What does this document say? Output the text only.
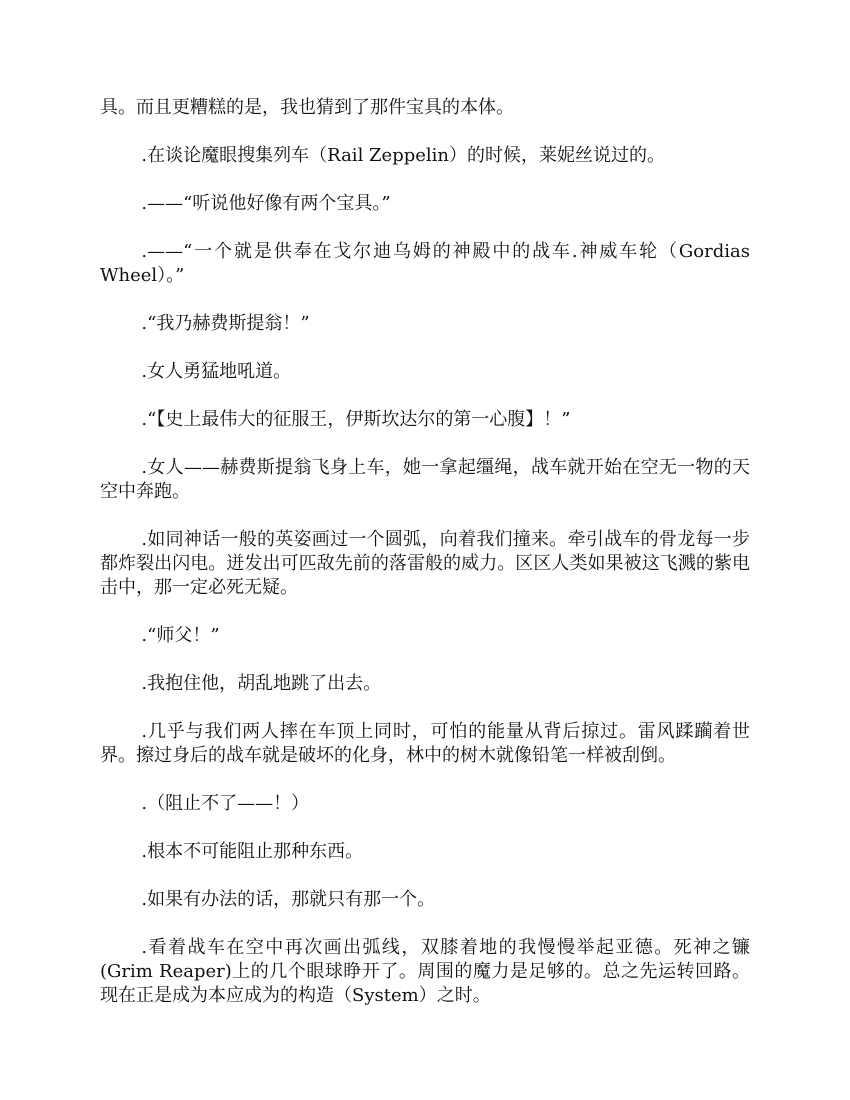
具。而且更糟糕的是，我也猜到了那件宝具的本体。

.在谈论魔眼搜集列车（Rail Zeppelin）的时候，莱妮丝说过的。

.——“听说他好像有两个宝具。”

.——“一个就是供奉在戈尔迪乌姆的神殿中的战车.神威车轮（Gordias Wheel）。”

.“我乃赫费斯提翁！”

.女人勇猛地吼道。

.“【史上最伟大的征服王，伊斯坎达尔的第一心腹】！”

.女人——赫费斯提翁飞身上车，她一拿起缰绳，战车就开始在空无一物的天空中奔跑。

.如同神话一般的英姿画过一个圆弧，向着我们撞来。牵引战车的骨龙每一步都炸裂出闪电。迸发出可匹敌先前的落雷般的威力。区区人类如果被这飞溅的紫电击中，那一定必死无疑。

.“师父！”

.我抱住他，胡乱地跳了出去。

.几乎与我们两人摔在车顶上同时，可怕的能量从背后掠过。雷风蹂躏着世界。擦过身后的战车就是破坏的化身，林中的树木就像铅笔一样被刮倒。

.（阻止不了——！）

.根本不可能阻止那种东西。

.如果有办法的话，那就只有那一个。

.看着战车在空中再次画出弧线，双膝着地的我慢慢举起亚德。死神之镰(Grim Reaper)上的几个眼球睁开了。周围的魔力是足够的。总之先运转回路。现在正是成为本应成为的构造（System）之时。
